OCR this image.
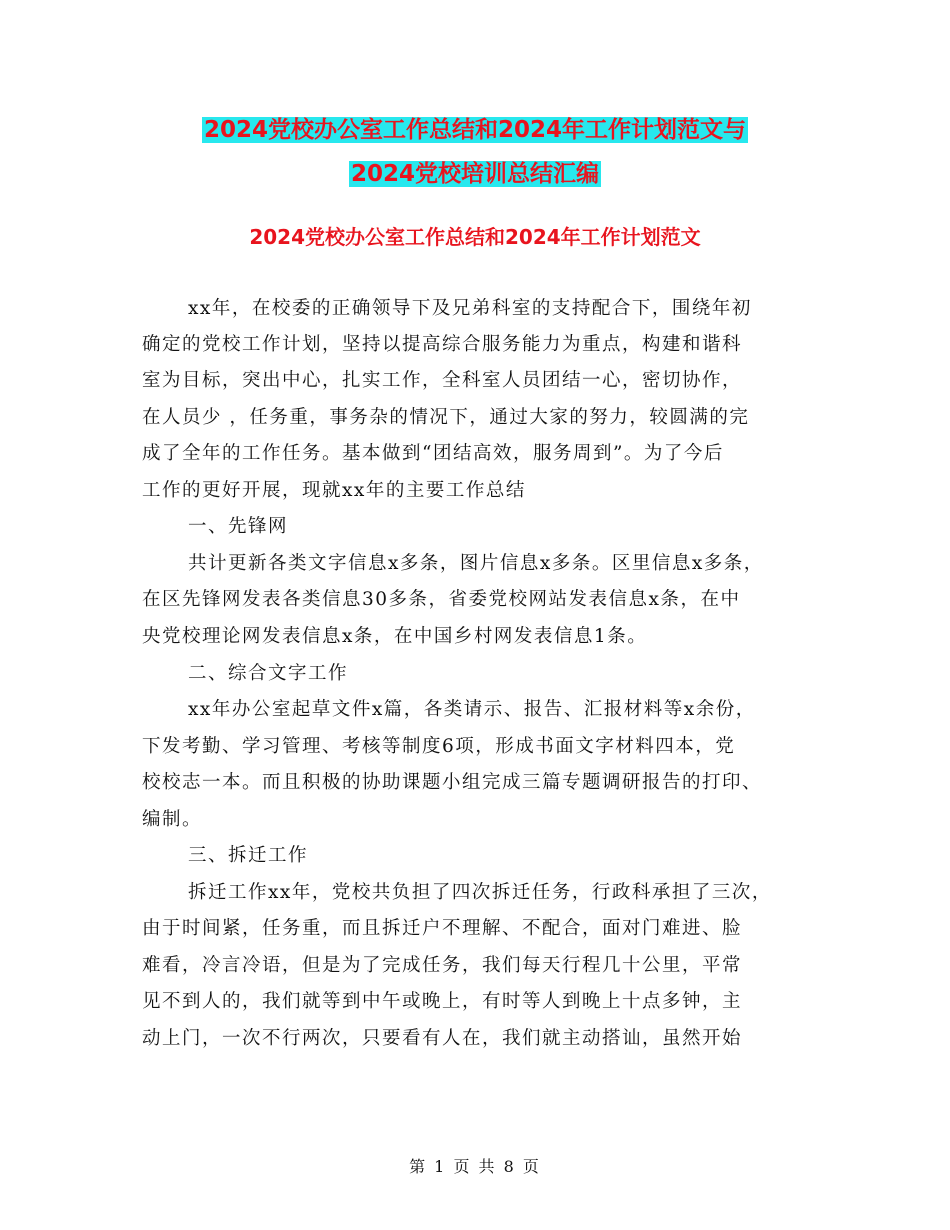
2024党校办公室工作总结和2024年工作计划范文与
2024党校培训总结汇编
2024党校办公室工作总结和2024年工作计划范文
xx年，在校委的正确领导下及兄弟科室的支持配合下，围绕年初
确定的党校工作计划，坚持以提高综合服务能力为重点，构建和谐科
室为目标，突出中心，扎实工作，全科室人员团结一心，密切协作，
在人员少 ，任务重，事务杂的情况下，通过大家的努力，较圆满的完
成了全年的工作任务。基本做到“团结高效，服务周到”。为了今后
工作的更好开展，现就xx年的主要工作总结
一、先锋网
共计更新各类文字信息x多条，图片信息x多条。区里信息x多条，
在区先锋网发表各类信息30多条，省委党校网站发表信息x条，在中
央党校理论网发表信息x条，在中国乡村网发表信息1条。
二、综合文字工作
xx年办公室起草文件x篇，各类请示、报告、汇报材料等x余份，
下发考勤、学习管理、考核等制度6项，形成书面文字材料四本，党
校校志一本。而且积极的协助课题小组完成三篇专题调研报告的打印、
编制。
三、拆迁工作
拆迁工作xx年，党校共负担了四次拆迁任务，行政科承担了三次，
由于时间紧，任务重，而且拆迁户不理解、不配合，面对门难进、脸
难看，冷言冷语，但是为了完成任务，我们每天行程几十公里，平常
见不到人的，我们就等到中午或晚上，有时等人到晚上十点多钟，主
动上门，一次不行两次，只要看有人在，我们就主动搭讪，虽然开始
第 1 页 共 8 页
